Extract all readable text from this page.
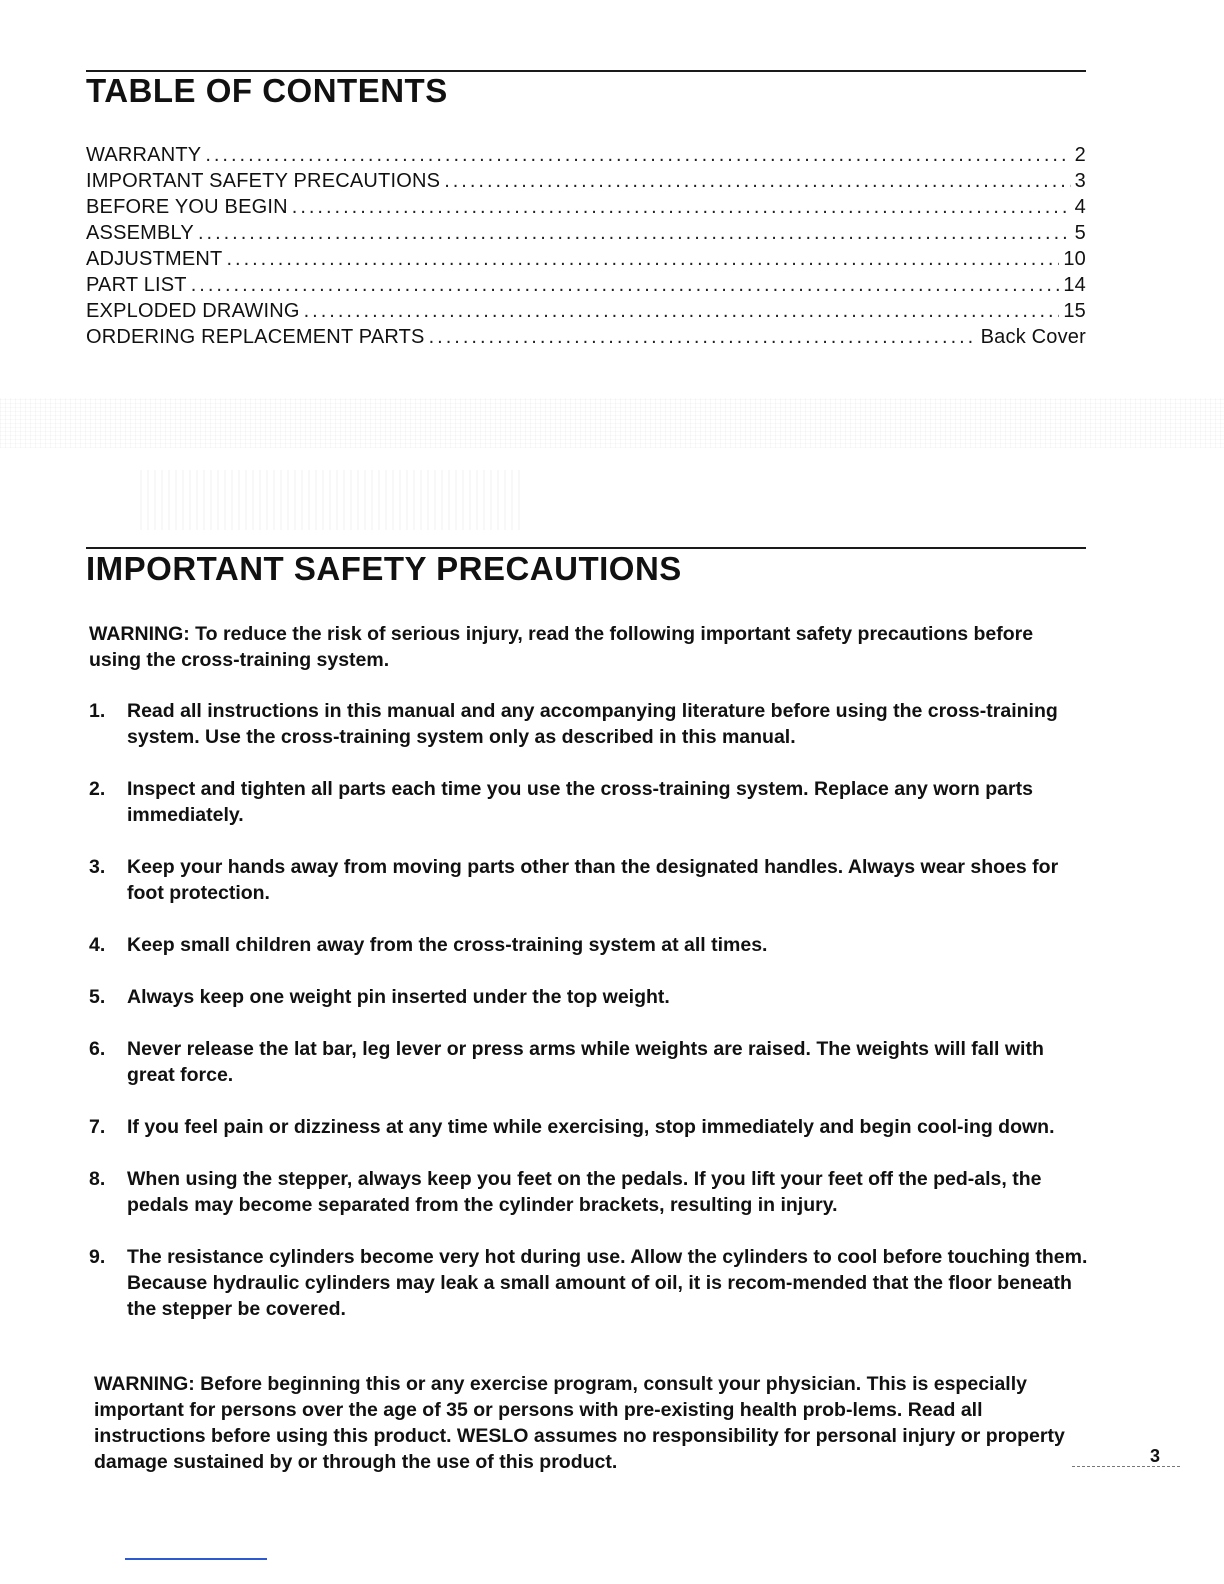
TABLE OF CONTENTS
WARRANTY .....	2
IMPORTANT SAFETY PRECAUTIONS .....	3
BEFORE YOU BEGIN .....	4
ASSEMBLY .....	5
ADJUSTMENT .....	10
PART LIST .....	14
EXPLODED DRAWING .....	15
ORDERING REPLACEMENT PARTS .....	Back Cover
IMPORTANT SAFETY PRECAUTIONS

WARNING: To reduce the risk of serious injury, read the following important safety precautions before using the cross-training system.

1. Read all instructions in this manual and any accompanying literature before using the cross-training system. Use the cross-training system only as described in this manual.
2. Inspect and tighten all parts each time you use the cross-training system. Replace any worn parts immediately.
3. Keep your hands away from moving parts other than the designated handles. Always wear shoes for foot protection.
4. Keep small children away from the cross-training system at all times.
5. Always keep one weight pin inserted under the top weight.
6. Never release the lat bar, leg lever or press arms while weights are raised. The weights will fall with great force.
7. If you feel pain or dizziness at any time while exercising, stop immediately and begin cool-ing down.
8. When using the stepper, always keep you feet on the pedals. If you lift your feet off the ped-als, the pedals may become separated from the cylinder brackets, resulting in injury.
9. The resistance cylinders become very hot during use. Allow the cylinders to cool before touching them. Because hydraulic cylinders may leak a small amount of oil, it is recom-mended that the floor beneath the stepper be covered.

WARNING: Before beginning this or any exercise program, consult your physician. This is especially important for persons over the age of 35 or persons with pre-existing health prob-lems. Read all instructions before using this product. WESLO assumes no responsibility for personal injury or property damage sustained by or through the use of this product.	3
